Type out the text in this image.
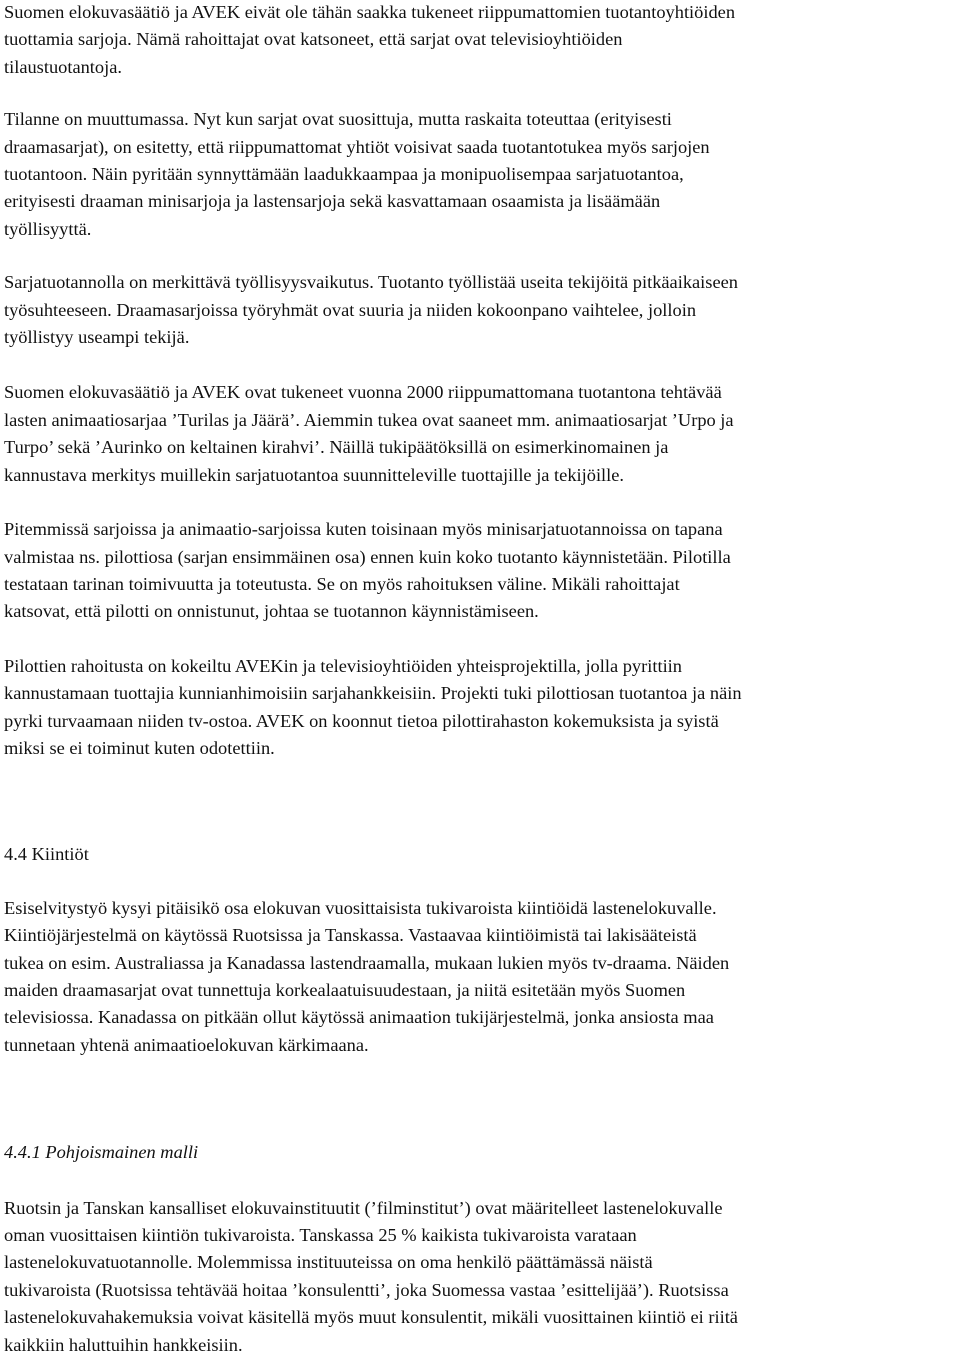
Suomen elokuvasäätiö ja AVEK eivät ole tähän saakka tukeneet riippumattomien tuotantoyhtiöiden
tuottamia sarjoja. Nämä rahoittajat ovat katsoneet, että sarjat ovat televisioyhtiöiden
tilaustuotantoja.
Tilanne on muuttumassa. Nyt kun sarjat ovat suosittuja, mutta raskaita toteuttaa (erityisesti
draamasarjat), on esitetty, että riippumattomat yhtiöt voisivat saada tuotantotukea myös sarjojen
tuotantoon. Näin pyritään synnyttämään laadukkaampaa ja monipuolisempaa sarjatuotantoa,
erityisesti draaman minisarjoja ja lastensarjoja sekä kasvattamaan osaamista ja lisäämään
työllisyyttä.
Sarjatuotannolla on merkittävä työllisyysvaikutus. Tuotanto työllistää useita tekijöitä pitkäaikaiseen
työsuhteeseen. Draamasarjoissa työryhmät ovat suuria ja niiden kokoonpano vaihtelee, jolloin
työllistyy useampi tekijä.
Suomen elokuvasäätiö ja AVEK ovat tukeneet vuonna 2000 riippumattomana tuotantona tehtävää
lasten animaatiosarjaa ’Turilas ja Jäärä’. Aiemmin tukea ovat saaneet mm. animaatiosarjat ’Urpo ja
Turpo’ sekä ’Aurinko on keltainen kirahvi’. Näillä tukipäätöksillä on esimerkinomainen ja
kannustava merkitys muillekin sarjatuotantoa suunnitteleville tuottajille ja tekijöille.
Pitemmissä sarjoissa ja animaatio-sarjoissa kuten toisinaan myös minisarjatuotannoissa on tapana
valmistaa ns. pilottiosa (sarjan ensimmäinen osa) ennen kuin koko tuotanto käynnistetään. Pilotilla
testataan tarinan toimivuutta ja toteutusta. Se on myös rahoituksen väline. Mikäli rahoittajat
katsovat, että pilotti on onnistunut, johtaa se tuotannon käynnistämiseen.
Pilottien rahoitusta on kokeiltu AVEKin ja televisioyhtiöiden yhteisprojektilla, jolla pyrittiin
kannustamaan tuottajia kunnianhimoisiin sarjahankkeisiin. Projekti tuki pilottiosan tuotantoa ja näin
pyrki turvaamaan niiden tv-ostoa. AVEK on koonnut tietoa pilottirahaston kokemuksista ja syistä
miksi se ei toiminut kuten odotettiin.
4.4 Kiintiöt
Esiselvitystyö kysyi pitäisikö osa elokuvan vuosittaisista tukivaroista kiintiöidä lastenelokuvalle.
Kiintiöjärjestelmä on käytössä Ruotsissa ja Tanskassa. Vastaavaa kiintiöimistä tai lakisääteistä
tukea on esim. Australiassa ja Kanadassa lastendraamalla, mukaan lukien myös tv-draama. Näiden
maiden draamasarjat ovat tunnettuja korkealaatuisuudestaan, ja niitä esitetään myös Suomen
televisiossa. Kanadassa on pitkään ollut käytössä animaation tukijärjestelmä, jonka ansiosta maa
tunnetaan yhtenä animaatioelokuvan kärkimaana.
4.4.1 Pohjoismainen malli
Ruotsin ja Tanskan kansalliset elokuvainstituutit (’filminstitut’) ovat määritelleet lastenelokuvalle
oman vuosittaisen kiintiön tukivaroista. Tanskassa 25 % kaikista tukivaroista varataan
lastenelokuvatuotannolle. Molemmissa instituuteissa on oma henkilö päättämässä näistä
tukivaroista (Ruotsissa tehtävää hoitaa ’konsulentti’, joka Suomessa vastaa ’esittelijää’). Ruotsissa
lastenelokuvahakemuksia voivat käsitellä myös muut konsulentit, mikäli vuosittainen kiintiö ei riitä
kaikkiin haluttuihin hankkeisiin.
